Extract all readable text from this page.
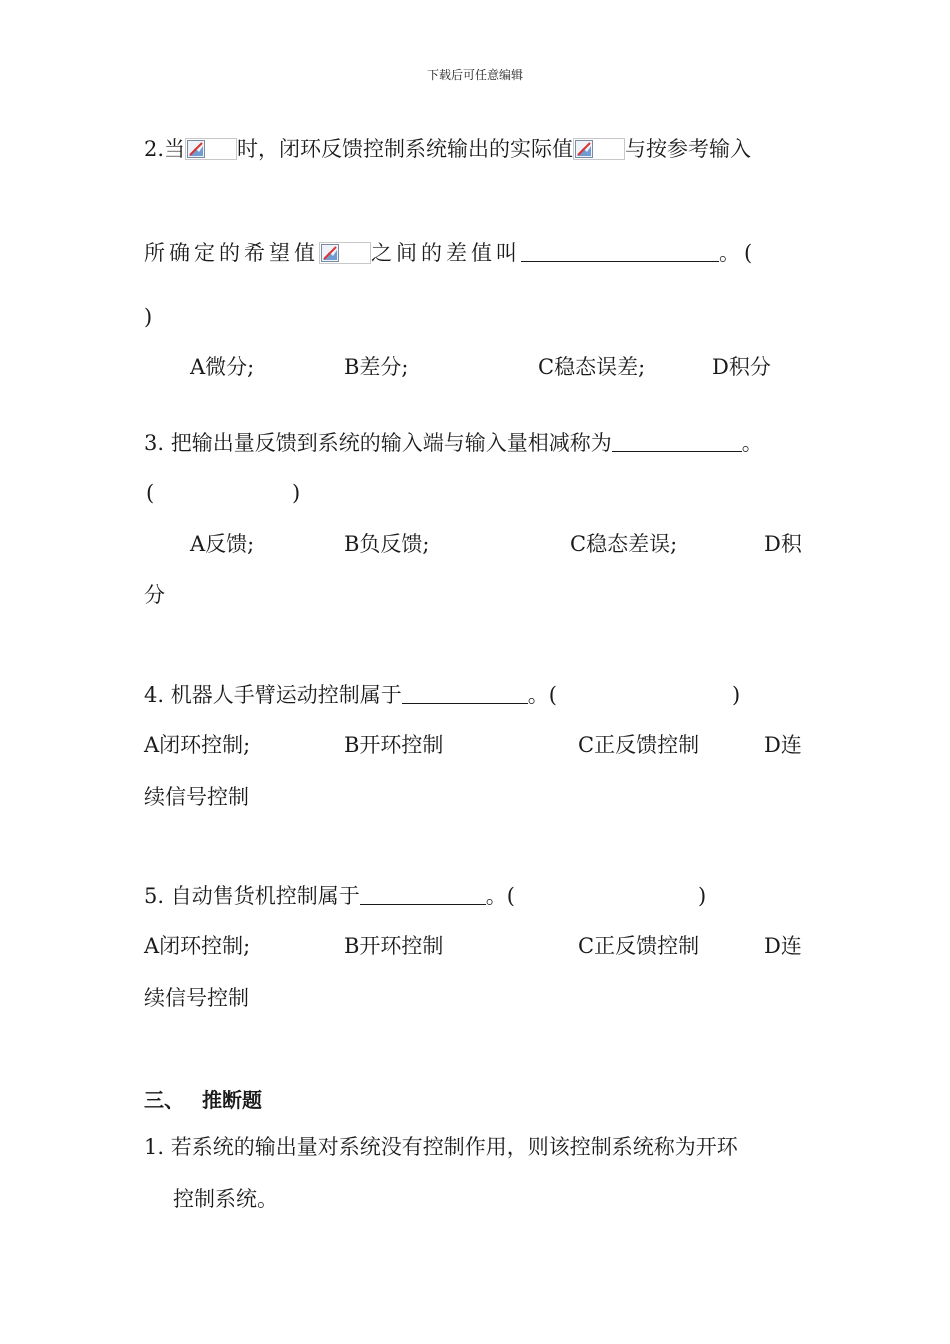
下载后可任意编辑
2.当 时，闭环反馈控制系统输出的实际值 与按参考输入
所确定的希望值 之间的差值叫	。(
)
A微分;	B差分;	C稳态误差;	D积分
3. 把输出量反馈到系统的输入端与输入量相减称为	。
(	)
A反馈;	B负反馈;	C稳态差误;	D积
分
4. 机器人手臂运动控制属于	。(	)
A闭环控制;	B开环控制	C正反馈控制	D连
续信号控制
5. 自动售货机控制属于	。(	)
A闭环控制;	B开环控制	C正反馈控制	D连
续信号控制
三、 推断题
1. 若系统的输出量对系统没有控制作用，则该控制系统称为开环
控制系统。
